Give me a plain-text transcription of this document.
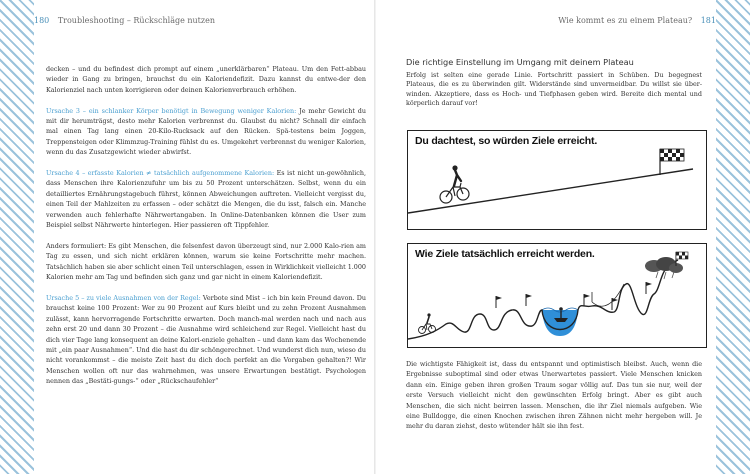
180 Troubleshooting – Rückschläge nutzen

decken – und du befindest dich prompt auf einem „unerklärbaren“ Plateau. Um den Fett-abbau wieder in Gang zu bringen, brauchst du ein Kaloriendefizit. Dazu kannst du entwe-der den Kalorienziel nach unten korrigieren oder deinen Kalorienverbrauch erhöhen.

Ursache 3 – ein schlanker Körper benötigt in Bewegung weniger Kalorien: Je mehr Gewicht du mit dir herumträgst, desto mehr Kalorien verbrennst du. Glaubst du nicht? Schnall dir einfach mal einen Tag lang einen 20-Kilo-Rucksack auf den Rücken. Spä-testens beim Joggen, Treppensteigen oder Klimmzug-Training fühlst du es. Umgekehrt verbrennst du weniger Kalorien, wenn du das Zusatzgewicht wieder abwirfst.

Ursache 4 – erfasste Kalorien ≠ tatsächlich aufgenommene Kalorien: Es ist nicht un-gewöhnlich, dass Menschen ihre Kalorienzufuhr um bis zu 50 Prozent unterschätzen. Selbst, wenn du ein detailliertes Ernährungstagebuch führst, können Abweichungen auftreten. Vielleicht vergisst du, einen Teil der Mahlzeiten zu erfassen – oder schätzt die Mengen, die du isst, falsch ein. Manche verwenden auch fehlerhafte Nährwertangaben. In Online-Datenbanken können die User zum Beispiel selbst Nährwerte hinterlegen. Hier passieren oft Tippfehler.

Anders formuliert: Es gibt Menschen, die felsenfest davon überzeugt sind, nur 2.000 Kalo-rien am Tag zu essen, und sich nicht erklären können, warum sie keine Fortschritte mehr machen. Tatsächlich haben sie aber schlicht einen Teil unterschlagen, essen in Wirklichkeit vielleicht 1.000 Kalorien mehr am Tag und befinden sich ganz und gar nicht in einem Kaloriendefizit.

Ursache 5 – zu viele Ausnahmen von der Regel: Verbote sind Mist – ich bin kein Freund davon. Du brauchst keine 100 Prozent: Wer zu 90 Prozent auf Kurs bleibt und zu zehn Prozent Ausnahmen zulässt, kann hervorragende Fortschritte erwarten. Doch manch-mal werden nach und nach aus zehn erst 20 und dann 30 Prozent – die Ausnahme wird schleichend zur Regel. Vielleicht hast du dich vier Tage lang konsequent an deine Kalori-enziele gehalten – und dann kam das Wochenende mit „ein paar Ausnahmen“. Und die hast du dir schöngerechnet. Und wunderst dich nun, wieso du nicht vorankommst – die meiste Zeit hast du dich doch perfekt an die Vorgaben gehalten?! Wir Menschen wollen oft nur das wahrnehmen, was unsere Erwartungen bestätigt. Psychologen nennen das „Bestäti-gungs-“ oder „Rückschaufehler“

Wie kommt es zu einem Plateau? 181
Die richtige Einstellung im Umgang mit deinem Plateau
Erfolg ist selten eine gerade Linie. Fortschritt passiert in Schüben. Du begegnest Plateaus, die es zu überwinden gilt. Widerstände sind unvermeidbar. Du willst sie über-winden. Akzeptiere, dass es Hoch- und Tiefphasen geben wird. Bereite dich mental und körperlich darauf vor!
Du dachtest, so würden Ziele erreicht.
Wie Ziele tatsächlich erreicht werden.

Die wichtigste Fähigkeit ist, dass du entspannt und optimistisch bleibst. Auch, wenn die Ergebnisse suboptimal sind oder etwas Unerwartetes passiert. Viele Menschen knicken dann ein. Einige geben ihren großen Traum sogar völlig auf. Das tun sie nur, weil der erste Versuch vielleicht nicht den gewünschten Erfolg bringt. Aber es gibt auch Menschen, die sich nicht beirren lassen. Menschen, die ihr Ziel niemals aufgeben. Wie eine Bulldogge, die einen Knochen zwischen ihren Zähnen nicht mehr hergeben will. Je mehr du daran ziehst, desto wütender hält sie ihn fest.
